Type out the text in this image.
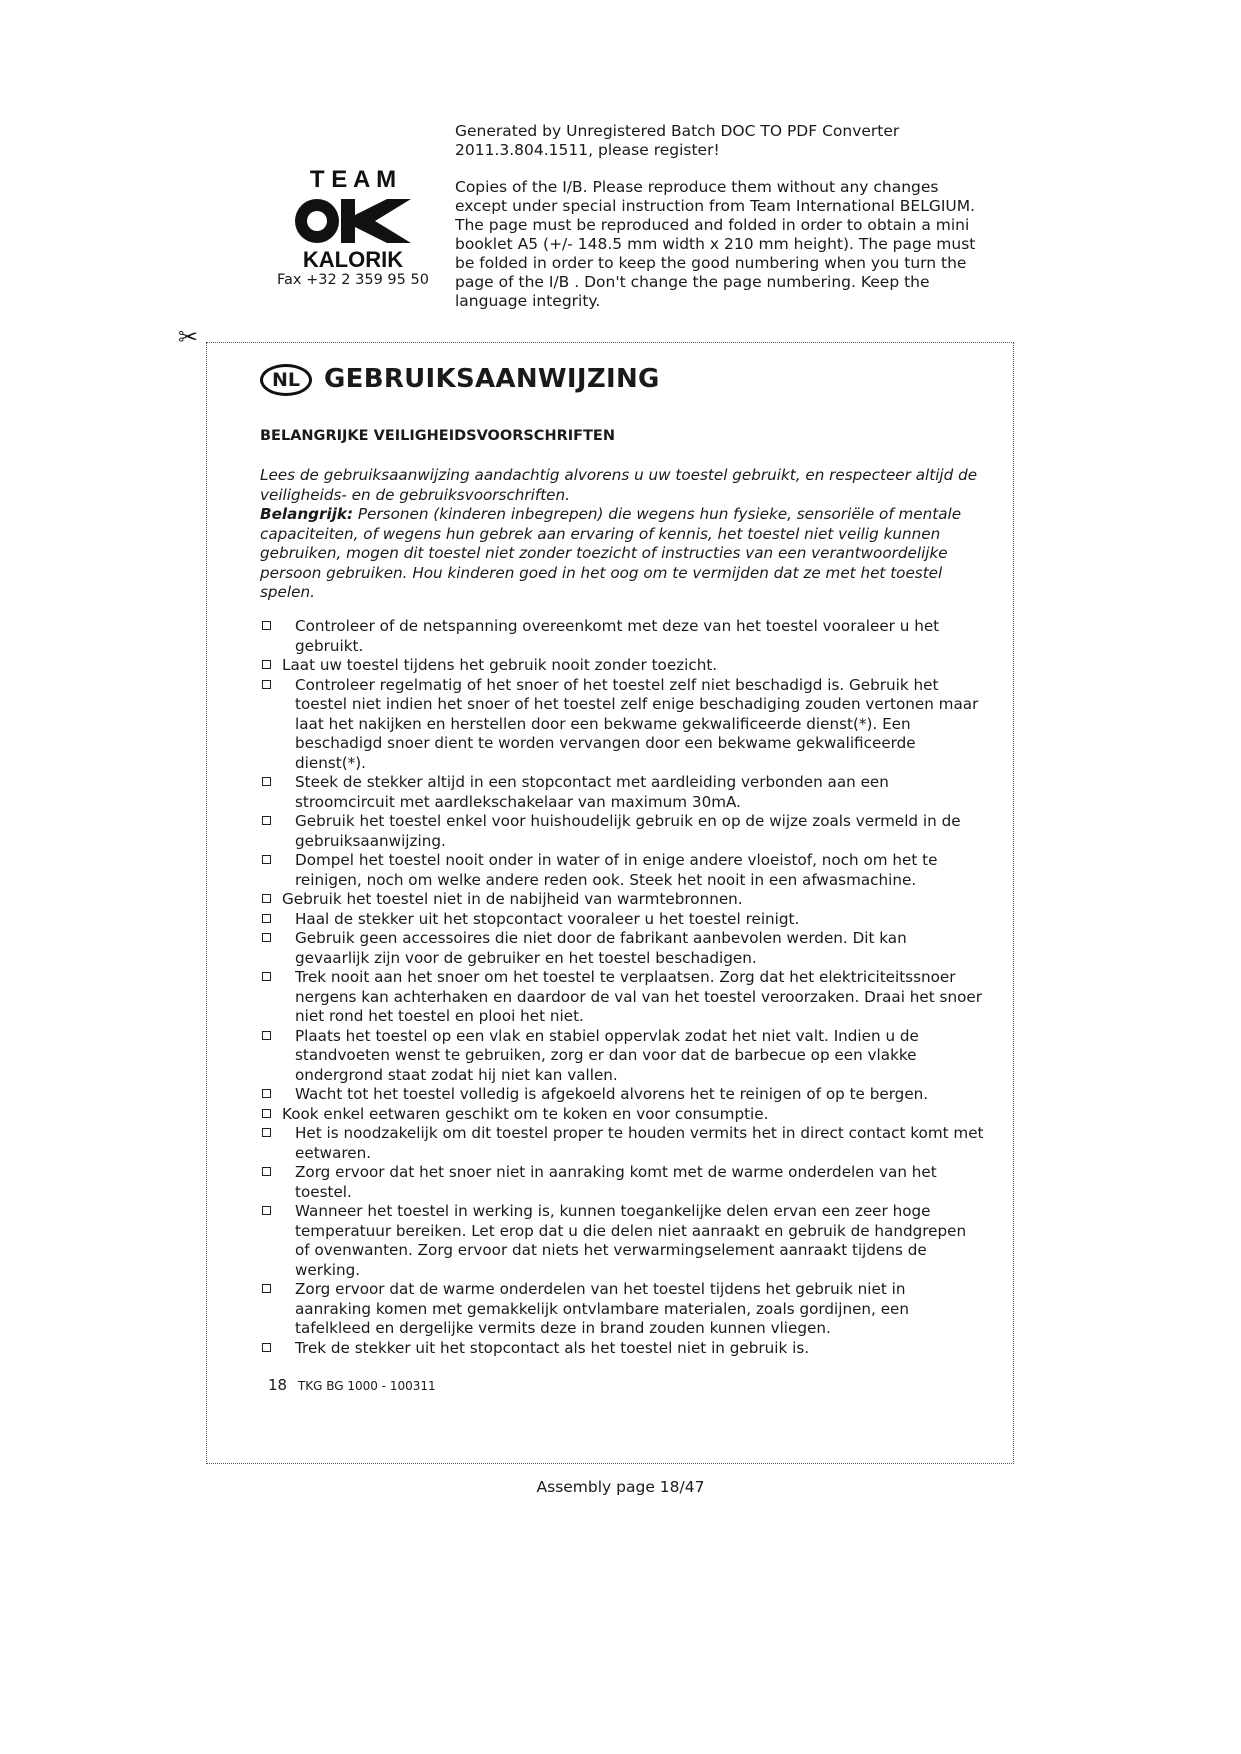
Generated by Unregistered Batch DOC TO PDF Converter 2011.3.804.1511, please register!

Copies of the I/B. Please reproduce them without any changes except under special instruction from Team International BELGIUM. The page must be reproduced and folded in order to obtain a mini booklet A5 (+/- 148.5 mm width x 210 mm height). The page must be folded in order to keep the good numbering when you turn the page of the I/B . Don't change the page numbering. Keep the language integrity.

T E A M
KALORIK
Fax +32 2 359 95 50
✂
NL GEBRUIKSAANWIJZING
BELANGRIJKE VEILIGHEIDSVOORSCHRIFTEN

Lees de gebruiksaanwijzing aandachtig alvorens u uw toestel gebruikt, en respecteer altijd de veiligheids- en de gebruiksvoorschriften.

Belangrijk: Personen (kinderen inbegrepen) die wegens hun fysieke, sensoriële of mentale capaciteiten, of wegens hun gebrek aan ervaring of kennis, het toestel niet veilig kunnen gebruiken, mogen dit toestel niet zonder toezicht of instructies van een verantwoordelijke persoon gebruiken. Hou kinderen goed in het oog om te vermijden dat ze met het toestel spelen.

Controleer of de netspanning overeenkomt met deze van het toestel vooraleer u het gebruikt.
Laat uw toestel tijdens het gebruik nooit zonder toezicht.
Controleer regelmatig of het snoer of het toestel zelf niet beschadigd is. Gebruik het toestel niet indien het snoer of het toestel zelf enige beschadiging zouden vertonen maar laat het nakijken en herstellen door een bekwame gekwalificeerde dienst(*). Een beschadigd snoer dient te worden vervangen door een bekwame gekwalificeerde dienst(*).
Steek de stekker altijd in een stopcontact met aardleiding verbonden aan een stroomcircuit met aardlekschakelaar van maximum 30mA.
Gebruik het toestel enkel voor huishoudelijk gebruik en op de wijze zoals vermeld in de gebruiksaanwijzing.
Dompel het toestel nooit onder in water of in enige andere vloeistof, noch om het te reinigen, noch om welke andere reden ook. Steek het nooit in een afwasmachine.
Gebruik het toestel niet in de nabijheid van warmtebronnen.
Haal de stekker uit het stopcontact vooraleer u het toestel reinigt.
Gebruik geen accessoires die niet door de fabrikant aanbevolen werden. Dit kan gevaarlijk zijn voor de gebruiker en het toestel beschadigen.
Trek nooit aan het snoer om het toestel te verplaatsen. Zorg dat het elektriciteitssnoer nergens kan achterhaken en daardoor de val van het toestel veroorzaken. Draai het snoer niet rond het toestel en plooi het niet.
Plaats het toestel op een vlak en stabiel oppervlak zodat het niet valt. Indien u de standvoeten wenst te gebruiken, zorg er dan voor dat de barbecue op een vlakke ondergrond staat zodat hij niet kan vallen.
Wacht tot het toestel volledig is afgekoeld alvorens het te reinigen of op te bergen.
Kook enkel eetwaren geschikt om te koken en voor consumptie.
Het is noodzakelijk om dit toestel proper te houden vermits het in direct contact komt met eetwaren.
Zorg ervoor dat het snoer niet in aanraking komt met de warme onderdelen van het toestel.
Wanneer het toestel in werking is, kunnen toegankelijke delen ervan een zeer hoge temperatuur bereiken. Let erop dat u die delen niet aanraakt en gebruik de handgrepen of ovenwanten. Zorg ervoor dat niets het verwarmingselement aanraakt tijdens de werking.
Zorg ervoor dat de warme onderdelen van het toestel tijdens het gebruik niet in aanraking komen met gemakkelijk ontvlambare materialen, zoals gordijnen, een tafelkleed en dergelijke vermits deze in brand zouden kunnen vliegen.
Trek de stekker uit het stopcontact als het toestel niet in gebruik is.
18 TKG BG 1000 - 100311
Assembly page 18/47
